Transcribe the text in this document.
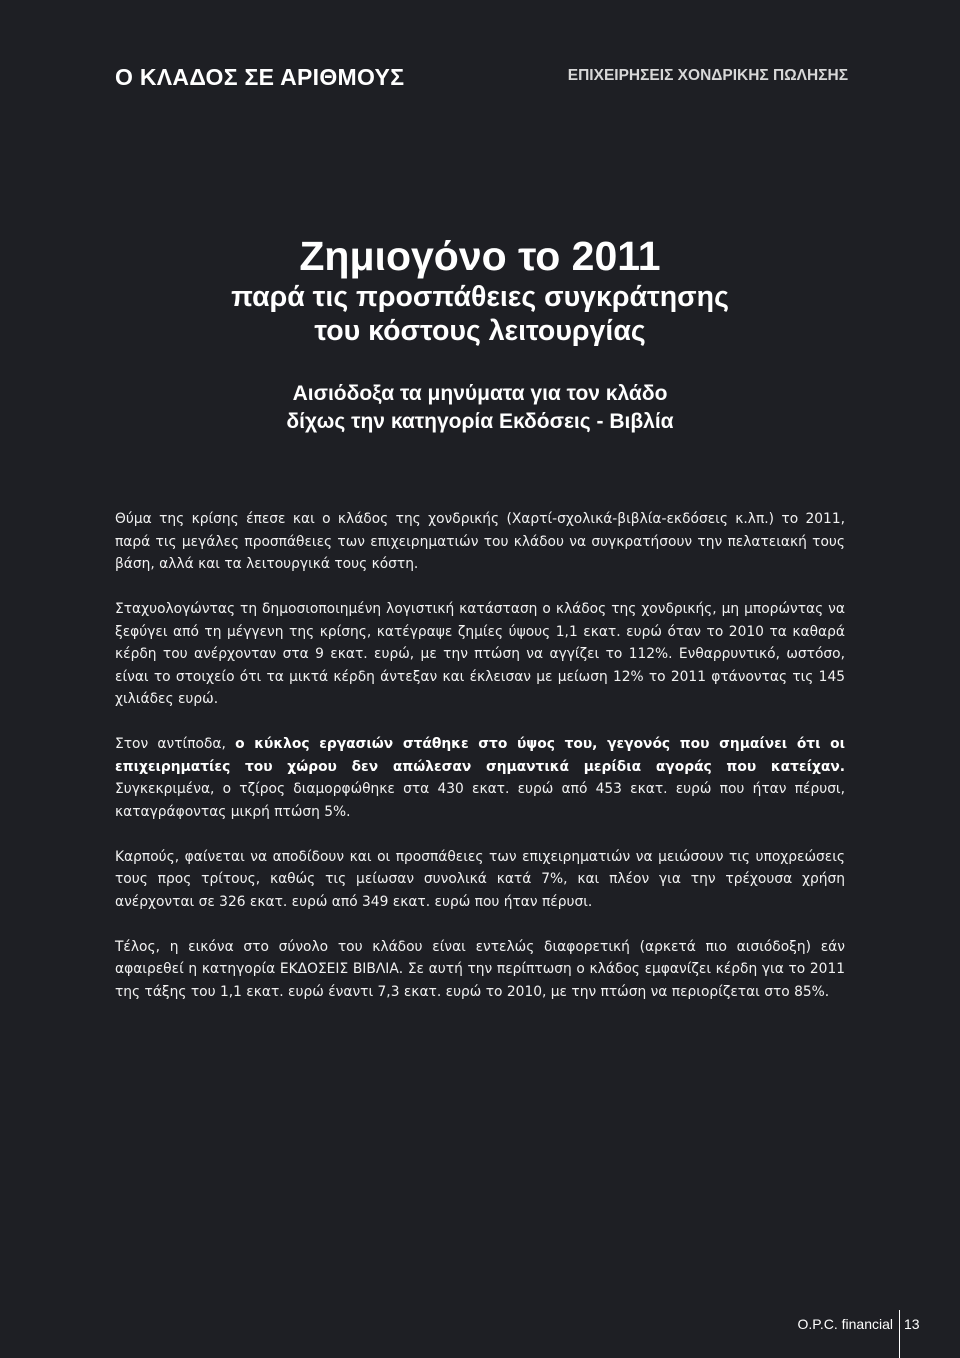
Ο ΚΛΑΔΟΣ ΣΕ ΑΡΙΘΜΟΥΣ	ΕΠΙΧΕΙΡΗΣΕΙΣ ΧΟΝΔΡΙΚΗΣ ΠΩΛΗΣΗΣ
Ζημιογόνο το 2011
παρά τις προσπάθειες συγκράτησης
του κόστους λειτουργίας
Αισιόδοξα τα μηνύματα για τον κλάδο
δίχως την κατηγορία Εκδόσεις - Βιβλία

Θύμα της κρίσης έπεσε και ο κλάδος της χονδρικής (Χαρτί-σχολικά-βιβλία-εκδόσεις κ.λπ.) το 2011, παρά τις μεγάλες προσπάθειες των επιχειρηματιών του κλάδου να συγκρατήσουν την πελατειακή τους βάση, αλλά και τα λειτουργικά τους κόστη.

Σταχυολογώντας τη δημοσιοποιημένη λογιστική κατάσταση ο κλάδος της χονδρικής, μη μπορώντας να ξεφύγει από τη μέγγενη της κρίσης, κατέγραψε ζημίες ύψους 1,1 εκατ. ευρώ όταν το 2010 τα καθαρά κέρδη του ανέρχονταν στα 9 εκατ. ευρώ, με την πτώση να αγγίζει το 112%. Ενθαρρυντικό, ωστόσο, είναι το στοιχείο ότι τα μικτά κέρδη άντεξαν και έκλεισαν με μείωση 12% το 2011 φτάνοντας τις 145 χιλιάδες ευρώ.

Στον αντίποδα, ο κύκλος εργασιών στάθηκε στο ύψος του, γεγονός που σημαίνει ότι οι επιχειρηματίες του χώρου δεν απώλεσαν σημαντικά μερίδια αγοράς που κατείχαν. Συγκεκριμένα, ο τζίρος διαμορφώθηκε στα 430 εκατ. ευρώ από 453 εκατ. ευρώ που ήταν πέρυσι, καταγράφοντας μικρή πτώση 5%.

Καρπούς, φαίνεται να αποδίδουν και οι προσπάθειες των επιχειρηματιών να μειώσουν τις υποχρεώσεις τους προς τρίτους, καθώς τις μείωσαν συνολικά κατά 7%, και πλέον για την τρέχουσα χρήση ανέρχονται σε 326 εκατ. ευρώ από 349 εκατ. ευρώ που ήταν πέρυσι.

Τέλος, η εικόνα στο σύνολο του κλάδου είναι εντελώς διαφορετική (αρκετά πιο αισιόδοξη) εάν αφαιρεθεί η κατηγορία ΕΚΔΟΣΕΙΣ ΒΙΒΛΙΑ. Σε αυτή την περίπτωση ο κλάδος εμφανίζει κέρδη για το 2011 της τάξης του 1,1 εκατ. ευρώ έναντι 7,3 εκατ. ευρώ το 2010, με την πτώση να περιορίζεται στο 85%.

O.P.C. financial 13
